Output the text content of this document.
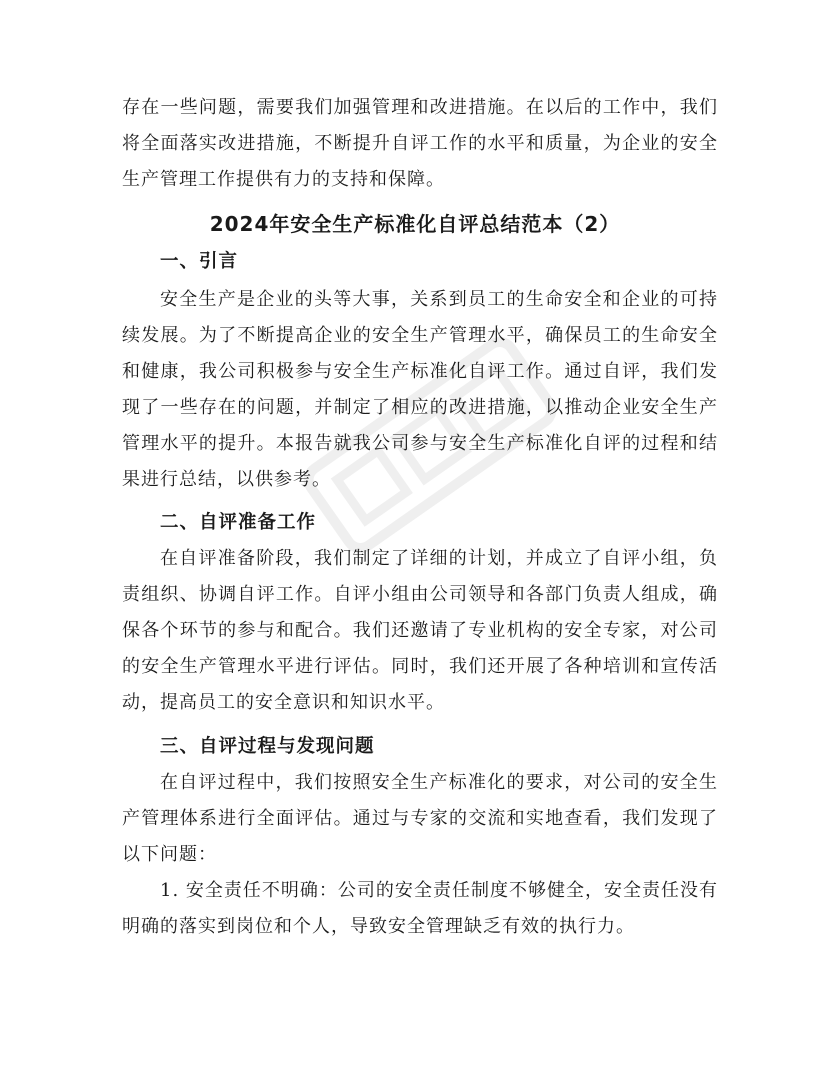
存在一些问题，需要我们加强管理和改进措施。在以后的工作中，我们将全面落实改进措施，不断提升自评工作的水平和质量，为企业的安全生产管理工作提供有力的支持和保障。

2024年安全生产标准化自评总结范本（2）
一、引言

安全生产是企业的头等大事，关系到员工的生命安全和企业的可持续发展。为了不断提高企业的安全生产管理水平，确保员工的生命安全和健康，我公司积极参与安全生产标准化自评工作。通过自评，我们发现了一些存在的问题，并制定了相应的改进措施，以推动企业安全生产管理水平的提升。本报告就我公司参与安全生产标准化自评的过程和结果进行总结，以供参考。

二、自评准备工作

在自评准备阶段，我们制定了详细的计划，并成立了自评小组，负责组织、协调自评工作。自评小组由公司领导和各部门负责人组成，确保各个环节的参与和配合。我们还邀请了专业机构的安全专家，对公司的安全生产管理水平进行评估。同时，我们还开展了各种培训和宣传活动，提高员工的安全意识和知识水平。

三、自评过程与发现问题

在自评过程中，我们按照安全生产标准化的要求，对公司的安全生产管理体系进行全面评估。通过与专家的交流和实地查看，我们发现了以下问题：

1. 安全责任不明确：公司的安全责任制度不够健全，安全责任没有明确的落实到岗位和个人，导致安全管理缺乏有效的执行力。
